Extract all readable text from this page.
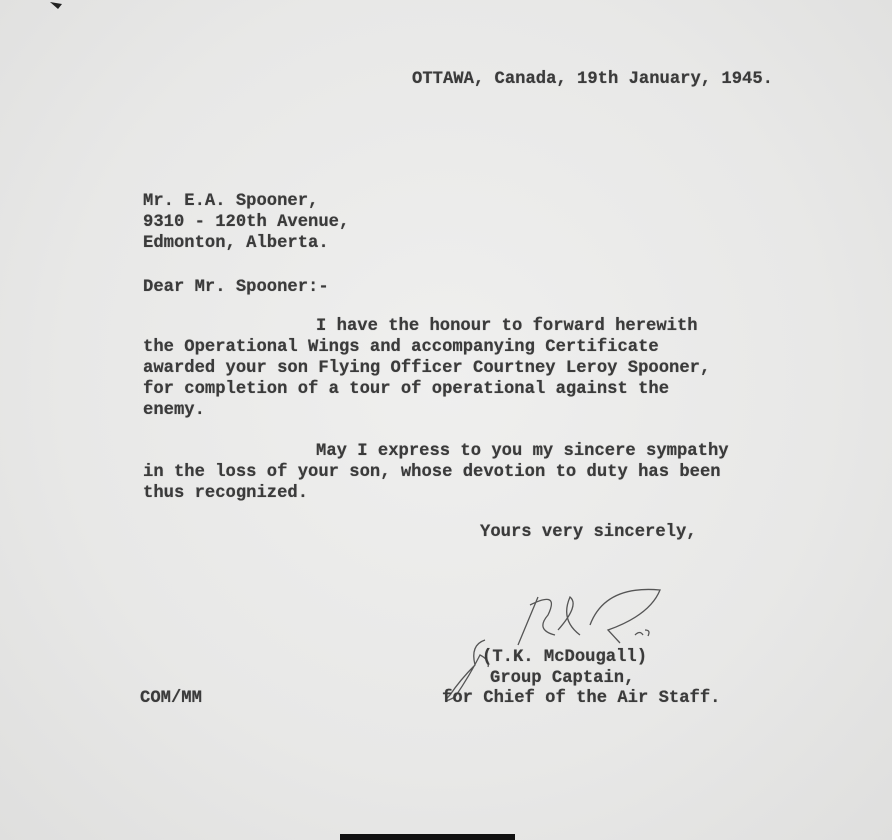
OTTAWA, Canada, 19th January, 1945.
Mr. E.A. Spooner,
9310 - 120th Avenue,
Edmonton, Alberta.
Dear Mr. Spooner:-
I have the honour to forward herewith
the Operational Wings and accompanying Certificate
awarded your son Flying Officer Courtney Leroy Spooner,
for completion of a tour of operational against the
enemy.
May I express to you my sincere sympathy
in the loss of your son, whose devotion to duty has been
thus recognized.
Yours very sincerely,
(T.K. McDougall)
Group Captain,
for Chief of the Air Staff.
COM/MM
